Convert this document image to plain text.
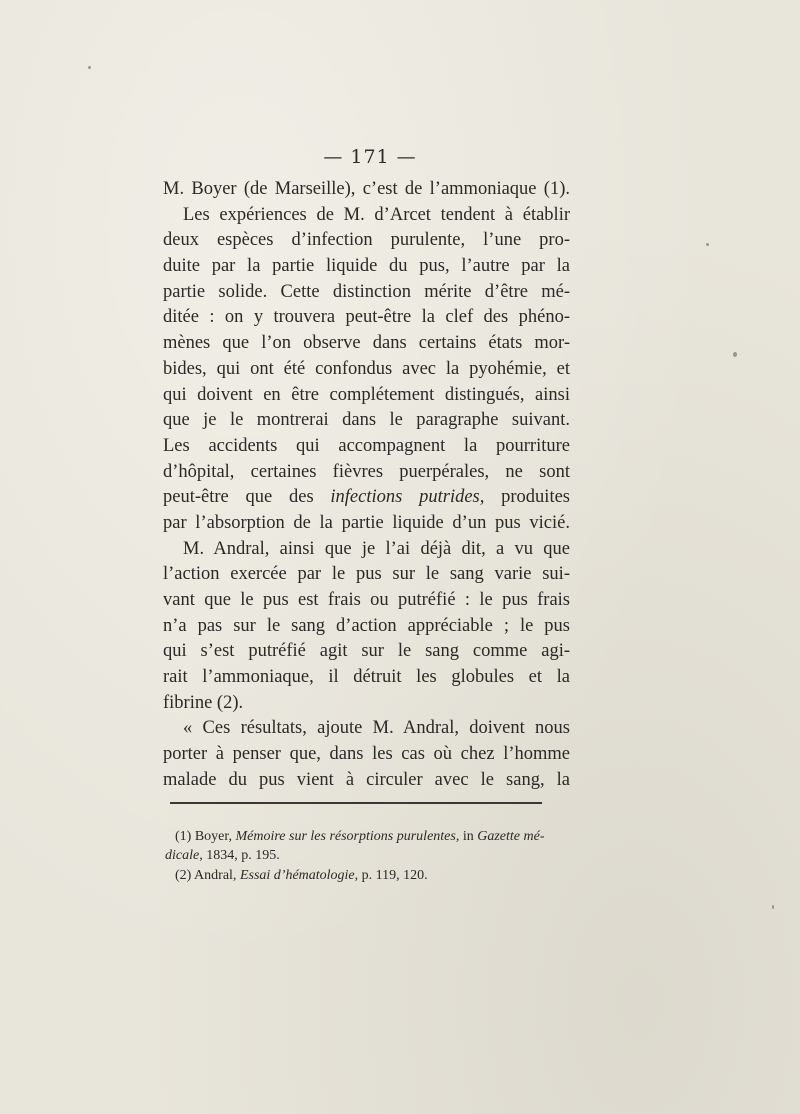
— 171 —
M. Boyer (de Marseille), c’est de l’ammoniaque (1).
Les expériences de M. d’Arcet tendent à établir
deux espèces d’infection purulente, l’une pro-
duite par la partie liquide du pus, l’autre par la
partie solide. Cette distinction mérite d’être mé-
ditée : on y trouvera peut-être la clef des phéno-
mènes que l’on observe dans certains états mor-
bides, qui ont été confondus avec la pyohémie, et
qui doivent en être complétement distingués, ainsi
que je le montrerai dans le paragraphe suivant.
Les accidents qui accompagnent la pourriture
d’hôpital, certaines fièvres puerpérales, ne sont
peut-être que des infections putrides, produites
par l’absorption de la partie liquide d’un pus vicié.
M. Andral, ainsi que je l’ai déjà dit, a vu que
l’action exercée par le pus sur le sang varie sui-
vant que le pus est frais ou putréfié : le pus frais
n’a pas sur le sang d’action appréciable ; le pus
qui s’est putréfié agit sur le sang comme agi-
rait l’ammoniaque, il détruit les globules et la
fibrine (2).
« Ces résultats, ajoute M. Andral, doivent nous
porter à penser que, dans les cas où chez l’homme
malade du pus vient à circuler avec le sang, la
(1) Boyer, Mémoire sur les résorptions purulentes, in Gazette mé-
dicale, 1834, p. 195.
(2) Andral, Essai d’hématologie, p. 119, 120.
